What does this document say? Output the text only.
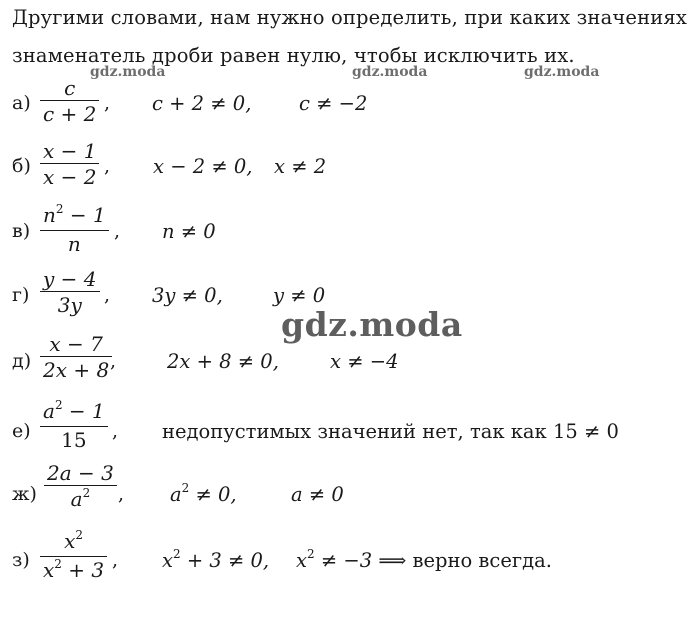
Другими словами, нам нужно определить, при каких значениях
знаменатель дроби равен нулю, чтобы исключить их.
gdz.moda	gdz.moda	gdz.moda
gdz.moda
а)
c
c + 2 , c + 2 ≠ 0, c ≠ −2
б)
x − 1
x − 2 , x − 2 ≠ 0, x ≠ 2
в)
$n^2 - 1$
n
, n ≠ 0
г)
y − 4
3y , 3y ≠ 0,	y ≠ 0
д)
x − 7
2x + 8 ,	2x + 8 ≠ 0,	x ≠ −4
е)
$a^2 - 1$
15 , недопустимых значений нет, так как 15 ≠ 0
ж)
2a − 3
$a^2$ , $a^2 \ne 0$,	a ≠ 0
з)
$x^2$
$x^2 + 3$ , $x^2 + 3 \ne 0$, $x^2 \ne -3$ ⟹ верно всегда.
